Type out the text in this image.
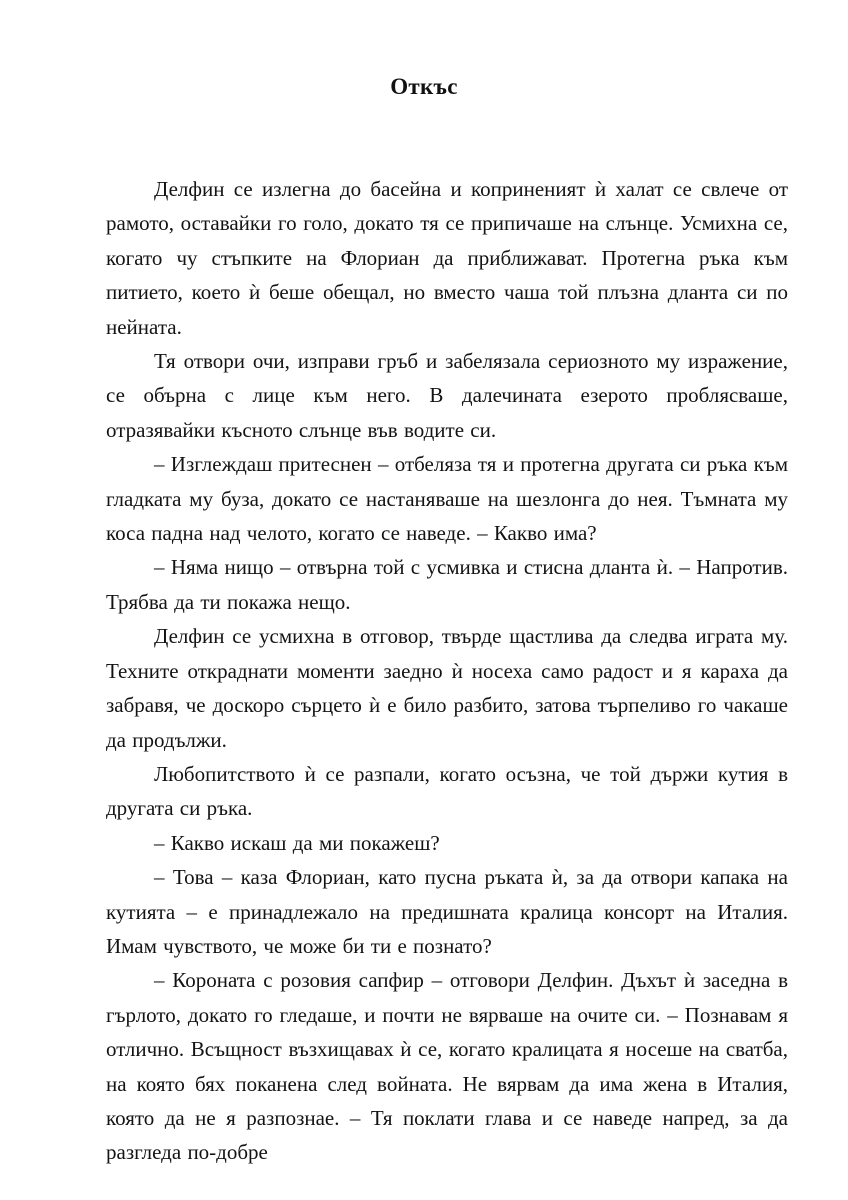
Откъс

Делфин се излегна до басейна и коприненият ѝ халат се свлече от рамото, оставайки го голо, докато тя се припичаше на слънце. Усмихна се, когато чу стъпките на Флориан да приближават. Протегна ръка към питието, което ѝ беше обещал, но вместо чаша той плъзна дланта си по нейната.

Тя отвори очи, изправи гръб и забелязала сериозното му изражение, се обърна с лице към него. В далечината езерото проблясваше, отразявайки късното слънце във водите си.

– Изглеждаш притеснен – отбеляза тя и протегна другата си ръка към гладката му буза, докато се настаняваше на шезлонга до нея. Тъмната му коса падна над челото, когато се наведе. – Какво има?

– Няма нищо – отвърна той с усмивка и стисна дланта ѝ. – Напротив. Трябва да ти покажа нещо.

Делфин се усмихна в отговор, твърде щастлива да следва играта му. Техните откраднати моменти заедно ѝ носеха само радост и я караха да забравя, че доскоро сърцето ѝ е било разбито, затова търпеливо го чакаше да продължи.

Любопитството ѝ се разпали, когато осъзна, че той държи кутия в другата си ръка.

– Какво искаш да ми покажеш?

– Това – каза Флориан, като пусна ръката ѝ, за да отвори капака на кутията – е принадлежало на предишната кралица консорт на Италия. Имам чувството, че може би ти е познато?

– Короната с розовия сапфир – отговори Делфин. Дъхът ѝ заседна в гърлото, докато го гледаше, и почти не вярваше на очите си. – Познавам я отлично. Всъщност възхищавах ѝ се, когато кралицата я носеше на сватба, на която бях поканена след войната. Не вярвам да има жена в Италия, която да не я разпознае. – Тя поклати глава и се наведе напред, за да разгледа по-добре
